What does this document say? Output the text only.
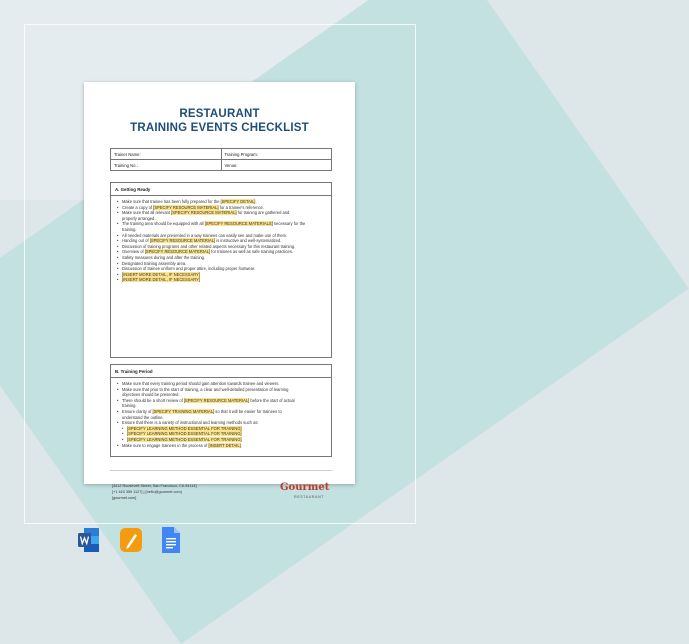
RESTAURANT
TRAINING EVENTS CHECKLIST
Trainer Name:	Training Program:
Training No.:	Venue:
A. Getting Ready
• Make sure that trainee has been fully prepared for the [SPECIFY DETAIL].
• Create a copy of [SPECIFY RESOURCE MATERIAL] for a trainee's reference.
• Make sure that all relevant [SPECIFY RESOURCE MATERIAL] for training are gathered and
properly arranged.
• The training area should be equipped with all [SPECIFY RESOURCE MATERIALS] necessary for the
training.
• All needed materials are presented in a way trainees can easily see and make use of them.
• Handing out of [SPECIFY RESOURCE MATERIAL] is instructive and well-systematized.
• Discussion of training programs and other related aspects necessary for this restaurant training.
• Overview of [SPECIFY RESOURCE MATERIAL] for trainees as well as safe training practices.
• Safety measures during and after the training.
• Designated training assembly area.
• Discussion of trainee uniform and proper attire, including proper footwear.
• [INSERT MORE DETAIL, IF NECESSARY]
• [INSERT MORE DETAIL, IF NECESSARY]
B. Training Period
• Make sure that every training period should gain attention towards trainee and viewers.
• Make sure that prior to the start of training, a clear and well-detailed presentation of learning
objectives should be presented.
• There should be a short review of [SPECIFY RESOURCE MATERIAL] before the start of actual
training.
• Ensure clarity of [SPECIFY TRAINING MATERIAL] so that it will be easier for trainees to
understand the outline.
• Ensure that there is a variety of instructional and learning methods such as:
• [SPECIFY LEARNING METHOD ESSENTIAL FOR TRAINING]
• [SPECIFY LEARNING METHOD ESSENTIAL FOR TRAINING]
• [SPECIFY LEARNING METHOD ESSENTIAL FOR TRAINING]
• Make sure to engage trainees in the process of [INSERT DETAIL].
[4412 Roosevelt Street, San Francisco, CA 94114]
[+1 415 359 1127] | [hello@gourmet.com]
[gourmet.com]
Gourmet
RESTAURANT
